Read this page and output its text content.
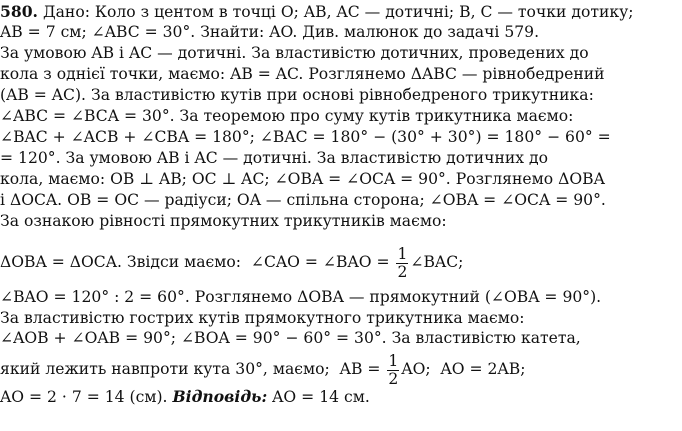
580. Дано: Коло з центом в точці O; AB, AC — дотичні; B, C — точки дотику;
AB = 7 см; ∠ABC = 30°. Знайти: AO. Див. малюнок до задачі 579.
За умовою AB і AC — дотичні. За властивістю дотичних, проведених до
кола з однієї точки, маємо: AB = AC. Розглянемо ΔABC — рівнобедрений
(AB = AC). За властивістю кутів при основі рівнобедреного трикутника:
∠ABC = ∠BCA = 30°. За теоремою про суму кутів трикутника маємо:
∠BAC + ∠ACB + ∠CBA = 180°; ∠BAC = 180° − (30° + 30°) = 180° − 60° =
= 120°. За умовою AB і AC — дотичні. За властивістю дотичних до
кола, маємо: OB ⊥ AB; OC ⊥ AC; ∠OBA = ∠OCA = 90°. Розглянемо ΔOBA
і ΔOCA. OB = OC — радіуси; OA — спільна сторона; ∠OBA = ∠OCA = 90°.
За ознакою рівності прямокутних трикутників маємо:
ΔOBA = ΔOCA. Звідси маємо:  ∠CAO = ∠BAO = $\frac{1}{2}$ ∠BAC;
∠BAO = 120° : 2 = 60°. Розглянемо ΔOBA — прямокутний (∠OBA = 90°).
За властивістю гострих кутів прямокутного трикутника маємо:
∠AOB + ∠OAB = 90°; ∠BOA = 90° − 60° = 30°. За властивістю катета,
який лежить навпроти кута 30°, маємо;  AB = $\frac{1}{2}$ AO;  AO = 2AB;
AO = 2 · 7 = 14 (см). Відповідь: AO = 14 см.
